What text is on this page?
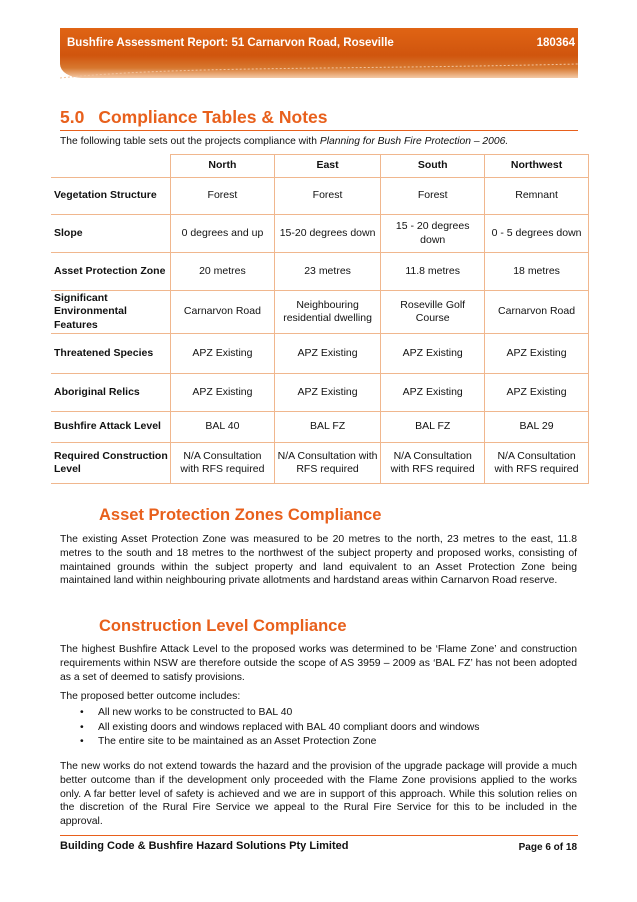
Bushfire Assessment Report: 51 Carnarvon Road, Roseville	180364
5.0 Compliance Tables & Notes
The following table sets out the projects compliance with Planning for Bush Fire Protection – 2006.
	North	East	South	Northwest
Vegetation Structure	Forest	Forest	Forest	Remnant
Slope	0 degrees and up	15-20 degrees down	15 - 20 degrees down	0 - 5 degrees down
Asset Protection Zone	20 metres	23 metres	11.8 metres	18 metres
Significant Environmental Features	Carnarvon Road	Neighbouring residential dwelling	Roseville Golf Course	Carnarvon Road
Threatened Species	APZ Existing	APZ Existing	APZ Existing	APZ Existing
Aboriginal Relics	APZ Existing	APZ Existing	APZ Existing	APZ Existing
Bushfire Attack Level	BAL 40	BAL FZ	BAL FZ	BAL 29
Required Construction Level	N/A Consultation with RFS required	N/A Consultation with RFS required	N/A Consultation with RFS required	N/A Consultation with RFS required
Asset Protection Zones Compliance
The existing Asset Protection Zone was measured to be 20 metres to the north, 23 metres to the east, 11.8 metres to the south and 18 metres to the northwest of the subject property and proposed works, consisting of maintained grounds within the subject property and land equivalent to an Asset Protection Zone being maintained land within neighbouring private allotments and hardstand areas within Carnarvon Road reserve.
Construction Level Compliance
The highest Bushfire Attack Level to the proposed works was determined to be ‘Flame Zone’ and construction requirements within NSW are therefore outside the scope of AS 3959 – 2009 as ‘BAL FZ’ has not been adopted as a set of deemed to satisfy provisions.
The proposed better outcome includes:
• All new works to be constructed to BAL 40
• All existing doors and windows replaced with BAL 40 compliant doors and windows
• The entire site to be maintained as an Asset Protection Zone
The new works do not extend towards the hazard and the provision of the upgrade package will provide a much better outcome than if the development only proceeded with the Flame Zone provisions applied to the works only. A far better level of safety is achieved and we are in support of this approach. While this solution relies on the discretion of the Rural Fire Service we appeal to the Rural Fire Service for this to be included in the approval.
Building Code & Bushfire Hazard Solutions Pty Limited	Page 6 of 18
